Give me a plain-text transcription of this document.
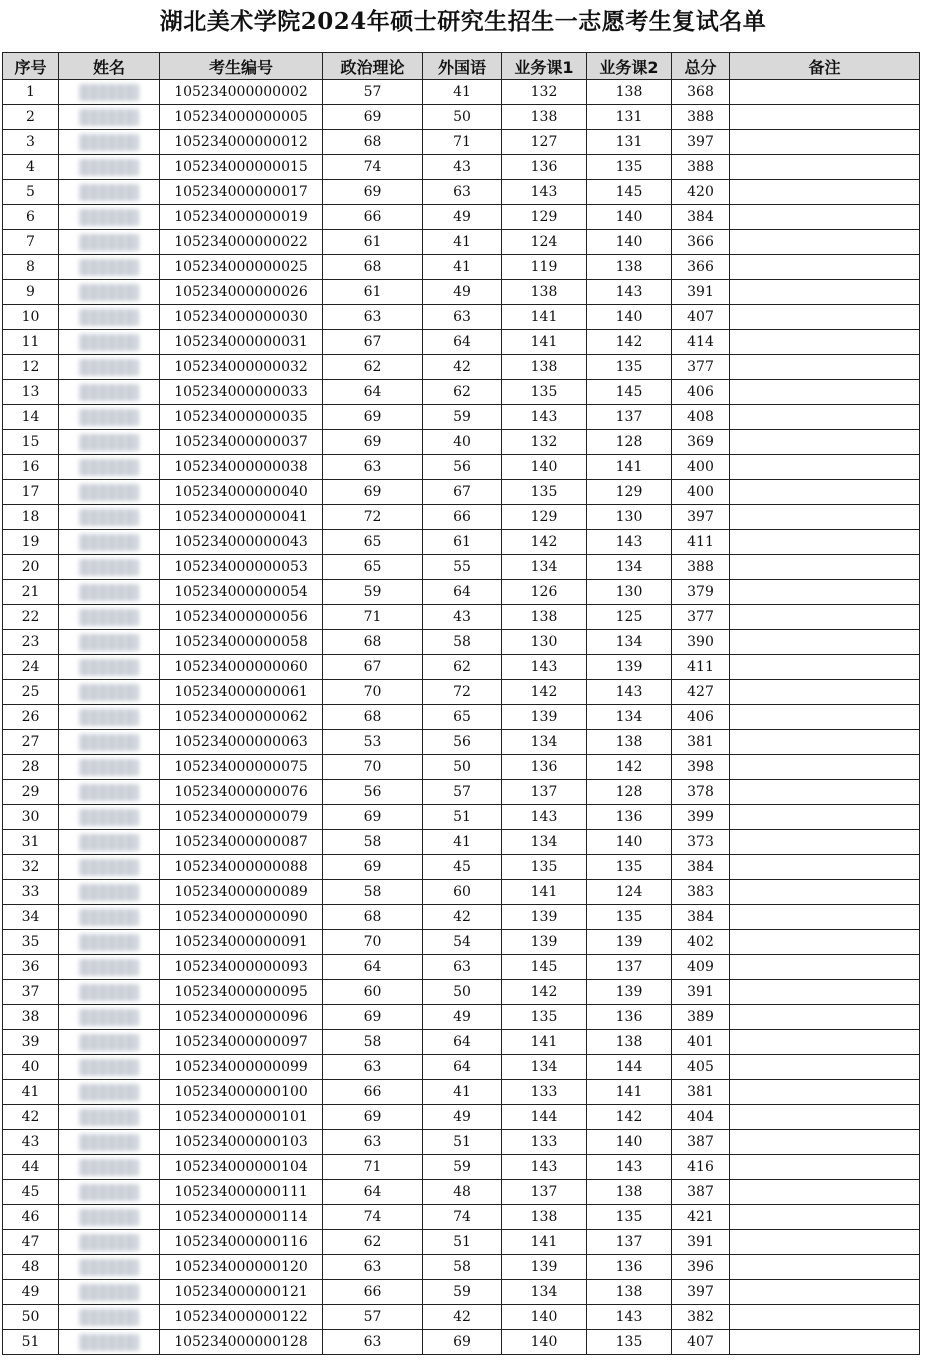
湖北美术学院2024年硕士研究生招生一志愿考生复试名单
序号	姓名	考生编号	政治理论	外国语	业务课1	业务课2	总分	备注
1		105234000000002	57	41	132	138	368	
2		105234000000005	69	50	138	131	388	
3		105234000000012	68	71	127	131	397	
4		105234000000015	74	43	136	135	388	
5		105234000000017	69	63	143	145	420	
6		105234000000019	66	49	129	140	384	
7		105234000000022	61	41	124	140	366	
8		105234000000025	68	41	119	138	366	
9		105234000000026	61	49	138	143	391	
10		105234000000030	63	63	141	140	407	
11		105234000000031	67	64	141	142	414	
12		105234000000032	62	42	138	135	377	
13		105234000000033	64	62	135	145	406	
14		105234000000035	69	59	143	137	408	
15		105234000000037	69	40	132	128	369	
16		105234000000038	63	56	140	141	400	
17		105234000000040	69	67	135	129	400	
18		105234000000041	72	66	129	130	397	
19		105234000000043	65	61	142	143	411	
20		105234000000053	65	55	134	134	388	
21		105234000000054	59	64	126	130	379	
22		105234000000056	71	43	138	125	377	
23		105234000000058	68	58	130	134	390	
24		105234000000060	67	62	143	139	411	
25		105234000000061	70	72	142	143	427	
26		105234000000062	68	65	139	134	406	
27		105234000000063	53	56	134	138	381	
28		105234000000075	70	50	136	142	398	
29		105234000000076	56	57	137	128	378	
30		105234000000079	69	51	143	136	399	
31		105234000000087	58	41	134	140	373	
32		105234000000088	69	45	135	135	384	
33		105234000000089	58	60	141	124	383	
34		105234000000090	68	42	139	135	384	
35		105234000000091	70	54	139	139	402	
36		105234000000093	64	63	145	137	409	
37		105234000000095	60	50	142	139	391	
38		105234000000096	69	49	135	136	389	
39		105234000000097	58	64	141	138	401	
40		105234000000099	63	64	134	144	405	
41		105234000000100	66	41	133	141	381	
42		105234000000101	69	49	144	142	404	
43		105234000000103	63	51	133	140	387	
44		105234000000104	71	59	143	143	416	
45		105234000000111	64	48	137	138	387	
46		105234000000114	74	74	138	135	421	
47		105234000000116	62	51	141	137	391	
48		105234000000120	63	58	139	136	396	
49		105234000000121	66	59	134	138	397	
50		105234000000122	57	42	140	143	382	
51		105234000000128	63	69	140	135	407	
